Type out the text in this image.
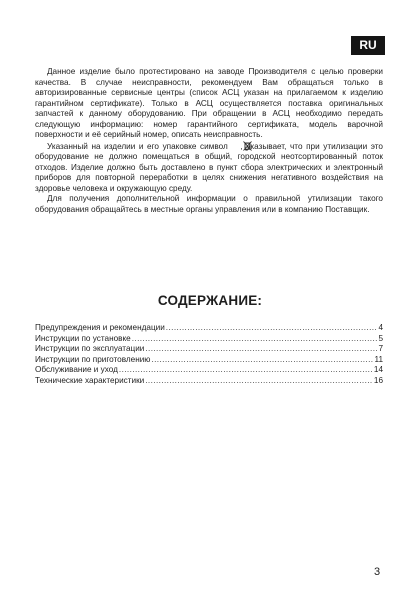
RU

Данное изделие было протестировано на заводе Производителя с целью проверки качества. В случае неисправности, рекомендуем Вам обращаться только в авторизированные сервисные центры (список АСЦ указан на прилагаемом к изделию гарантийном сертификате). Только в АСЦ осуществляется поставка оригинальных запчастей к данному оборудованию. При обращении в АСЦ необходимо передать следующую информацию: номер гарантийного сертификата, модель варочной поверхности и её серийный номер, описать неисправность.

Указанный на изделии и его упаковке символ , указывает, что при утилизации это оборудование не должно помещаться в общий, городской неотсортированный поток отходов. Изделие должно быть доставлено в пункт сбора электрических и электронный приборов для повторной переработки в целях снижения негативного воздействия на здоровье человека и окружающую среду.

Для получения дополнительной информации о правильной утилизации такого оборудования обращайтесь в местные органы управления или в компанию Поставщик.

СОДЕРЖАНИЕ:
Предупреждения и рекомендации .....	4
Инструкции по установке .....	5
Инструкции по эксплуатации .....	7
Инструкции по приготовлению .....	11
Обслуживание и уход .....	14
Технические характеристики .....	16
3
